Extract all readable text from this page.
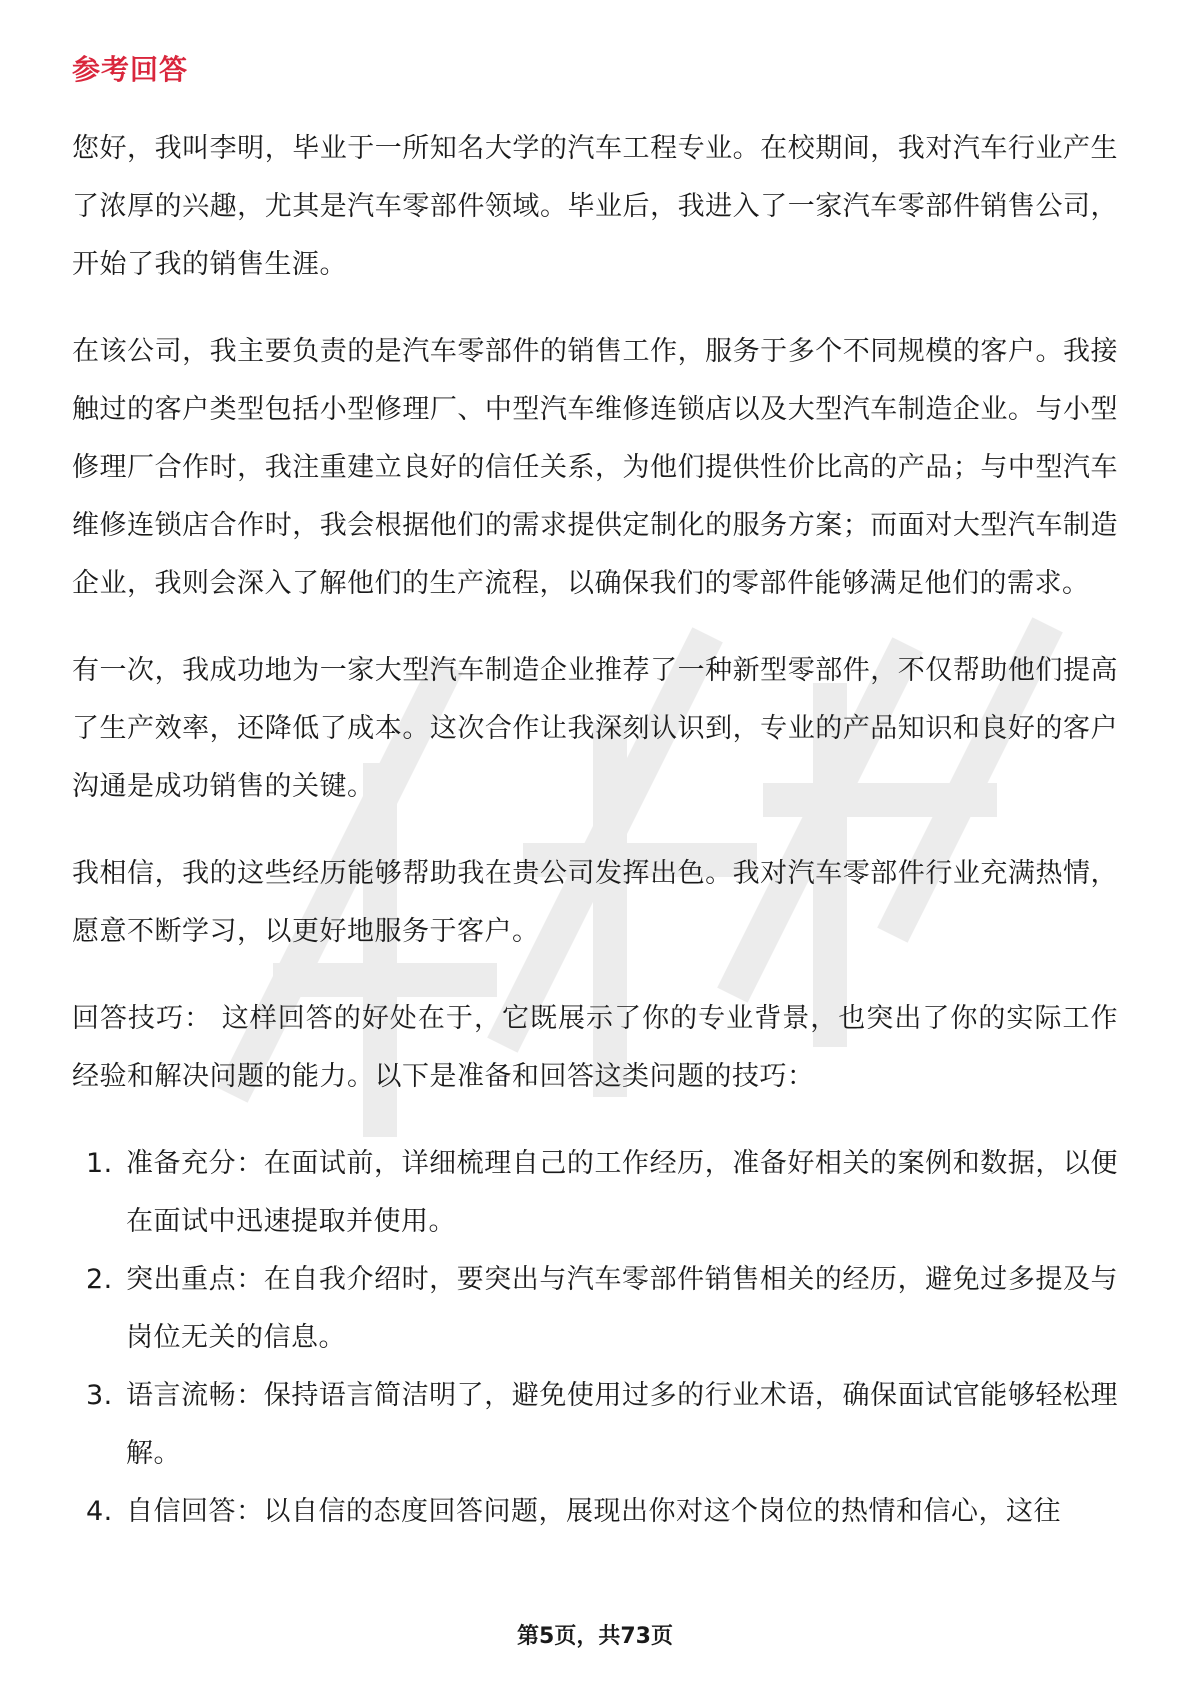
参考回答

您好，我叫李明，毕业于一所知名大学的汽车工程专业。在校期间，我对汽车行业产生了浓厚的兴趣，尤其是汽车零部件领域。毕业后，我进入了一家汽车零部件销售公司，开始了我的销售生涯。

在该公司，我主要负责的是汽车零部件的销售工作，服务于多个不同规模的客户。我接触过的客户类型包括小型修理厂、中型汽车维修连锁店以及大型汽车制造企业。与小型修理厂合作时，我注重建立良好的信任关系，为他们提供性价比高的产品；与中型汽车维修连锁店合作时，我会根据他们的需求提供定制化的服务方案；而面对大型汽车制造企业，我则会深入了解他们的生产流程，以确保我们的零部件能够满足他们的需求。

有一次，我成功地为一家大型汽车制造企业推荐了一种新型零部件，不仅帮助他们提高了生产效率，还降低了成本。这次合作让我深刻认识到，专业的产品知识和良好的客户沟通是成功销售的关键。

我相信，我的这些经历能够帮助我在贵公司发挥出色。我对汽车零部件行业充满热情，愿意不断学习，以更好地服务于客户。

回答技巧： 这样回答的好处在于，它既展示了你的专业背景，也突出了你的实际工作经验和解决问题的能力。以下是准备和回答这类问题的技巧：

1. 准备充分：在面试前，详细梳理自己的工作经历，准备好相关的案例和数据，以便在面试中迅速提取并使用。
2. 突出重点：在自我介绍时，要突出与汽车零部件销售相关的经历，避免过多提及与岗位无关的信息。
3. 语言流畅：保持语言简洁明了，避免使用过多的行业术语，确保面试官能够轻松理解。
4. 自信回答：以自信的态度回答问题，展现出你对这个岗位的热情和信心，这往
第5页，共73页
